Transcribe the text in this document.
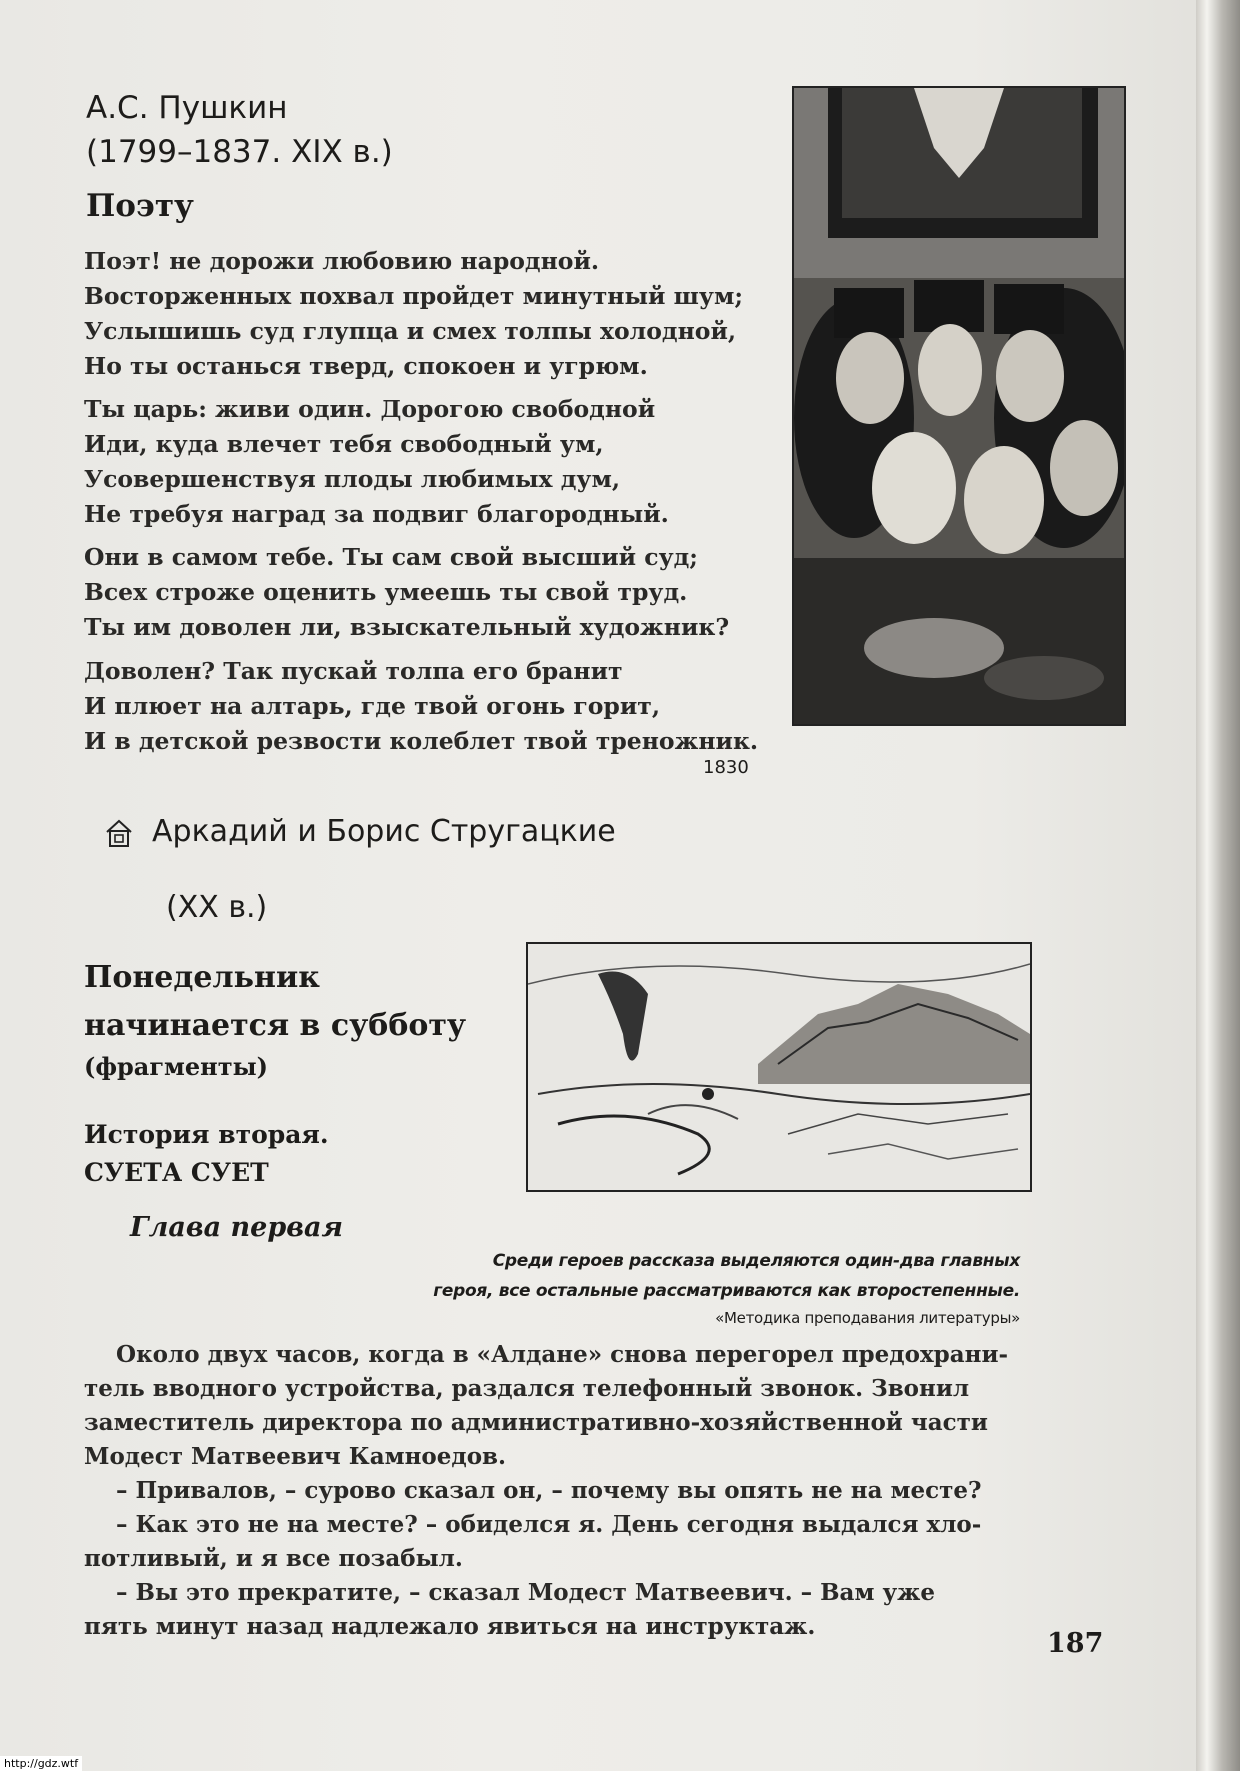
А.С. Пушкин
(1799–1837. XIX в.)
Поэту
Поэт! не дорожи любовию народной.
Восторженных похвал пройдет минутный шум;
Услышишь суд глупца и смех толпы холодной,
Но ты останься тверд, спокоен и угрюм.
Ты царь: живи один. Дорогою свободной
Иди, куда влечет тебя свободный ум,
Усовершенствуя плоды любимых дум,
Не требуя наград за подвиг благородный.
Они в самом тебе. Ты сам свой высший суд;
Всех строже оценить умеешь ты свой труд.
Ты им доволен ли, взыскательный художник?
Доволен? Так пускай толпа его бранит
И плюет на алтарь, где твой огонь горит,
И в детской резвости колеблет твой треножник.
1830
Аркадий и Борис Стругацкие
(XX в.)
Понедельник
начинается в субботу
(фрагменты)
История вторая.
СУЕТА СУЕТ
Глава первая
Среди героев рассказа выделяются один-два главных
героя, все остальные рассматриваются как второстепенные.
«Методика преподавания литературы»
Около двух часов, когда в «Алдане» снова перегорел предохрани-
тель вводного устройства, раздался телефонный звонок. Звонил
заместитель директора по административно-хозяйственной части
Модест Матвеевич Камноедов.
– Привалов, – сурово сказал он, – почему вы опять не на месте?
– Как это не на месте? – обиделся я. День сегодня выдался хло-
потливый, и я все позабыл.
– Вы это прекратите, – сказал Модест Матвеевич. – Вам уже
пять минут назад надлежало явиться на инструктаж.
187
http://gdz.wtf
